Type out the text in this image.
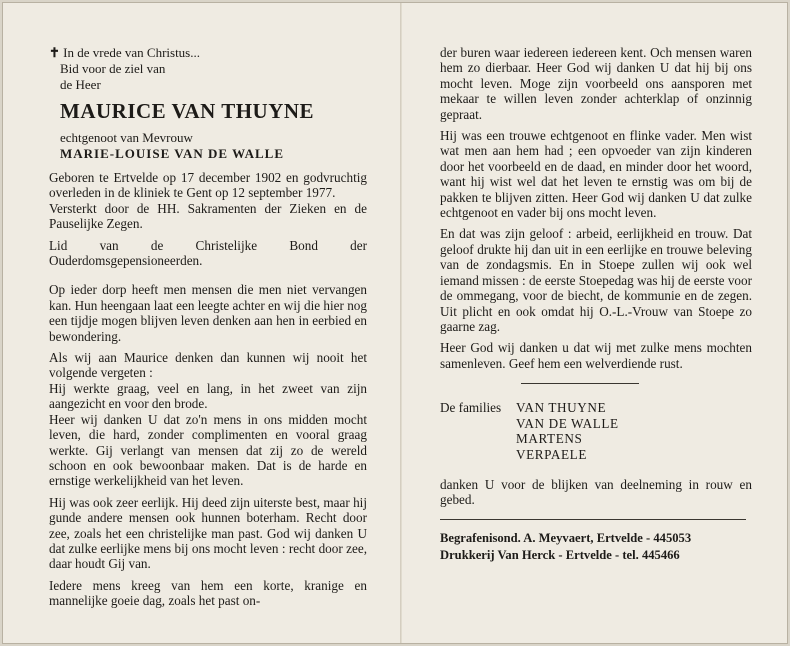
✝ In de vrede van Christus...
Bid voor de ziel van
de Heer
MAURICE VAN THUYNE
echtgenoot van Mevrouw
MARIE-LOUISE VAN DE WALLE

Geboren te Ertvelde op 17 december 1902 en godvruchtig overleden in de kliniek te Gent op 12 september 1977.

Versterkt door de HH. Sakramenten der Zieken en de Pauselijke Zegen.

Lid van de Christelijke Bond der Ouderdomsgepensioneerden.

Op ieder dorp heeft men mensen die men niet vervangen kan. Hun heengaan laat een leegte achter en wij die hier nog een tijdje mogen blijven leven denken aan hen in eerbied en bewondering.

Als wij aan Maurice denken dan kunnen wij nooit het volgende vergeten :

Hij werkte graag, veel en lang, in het zweet van zijn aangezicht en voor den brode.

Heer wij danken U dat zo'n mens in ons midden mocht leven, die hard, zonder complimenten en vooral graag werkte. Gij verlangt van mensen dat zij zo de wereld schoon en ook bewoonbaar maken. Dat is de harde en ernstige werkelijkheid van het leven.

Hij was ook zeer eerlijk. Hij deed zijn uiterste best, maar hij gunde andere mensen ook hunnen boterham. Recht door zee, zoals het een christelijke man past. God wij danken U dat zulke eerlijke mens bij ons mocht leven : recht door zee, daar houdt Gij van.

Iedere mens kreeg van hem een korte, kranige en mannelijke goeie dag, zoals het past on-

der buren waar iedereen iedereen kent. Och mensen waren hem zo dierbaar. Heer God wij danken U dat hij bij ons mocht leven. Moge zijn voorbeeld ons aansporen met mekaar te willen leven zonder achterklap of onzinnig gepraat.

Hij was een trouwe echtgenoot en flinke vader. Men wist wat men aan hem had ; een opvoeder van zijn kinderen door het voorbeeld en de daad, en minder door het woord, want hij wist wel dat het leven te ernstig was om bij de pakken te blijven zitten. Heer God wij danken U dat zulke echtgenoot en vader bij ons mocht leven.

En dat was zijn geloof : arbeid, eerlijkheid en trouw. Dat geloof drukte hij dan uit in een eerlijke en trouwe beleving van de zondagsmis. En in Stoepe zullen wij ook wel iemand missen : de eerste Stoepedag was hij de eerste voor de ommegang, voor de biecht, de kommunie en de zegen. Uit plicht en ook omdat hij O.-L.-Vrouw van Stoepe zo gaarne zag.

Heer God wij danken u dat wij met zulke mens mochten samenleven. Geef hem een welverdiende rust.

De families VAN THUYNE
VAN DE WALLE
MARTENS
VERPAELE

danken U voor de blijken van deelneming in rouw en gebed.

Begrafenisond. A. Meyvaert, Ertvelde - 445053
Drukkerij Van Herck - Ertvelde - tel. 445466
